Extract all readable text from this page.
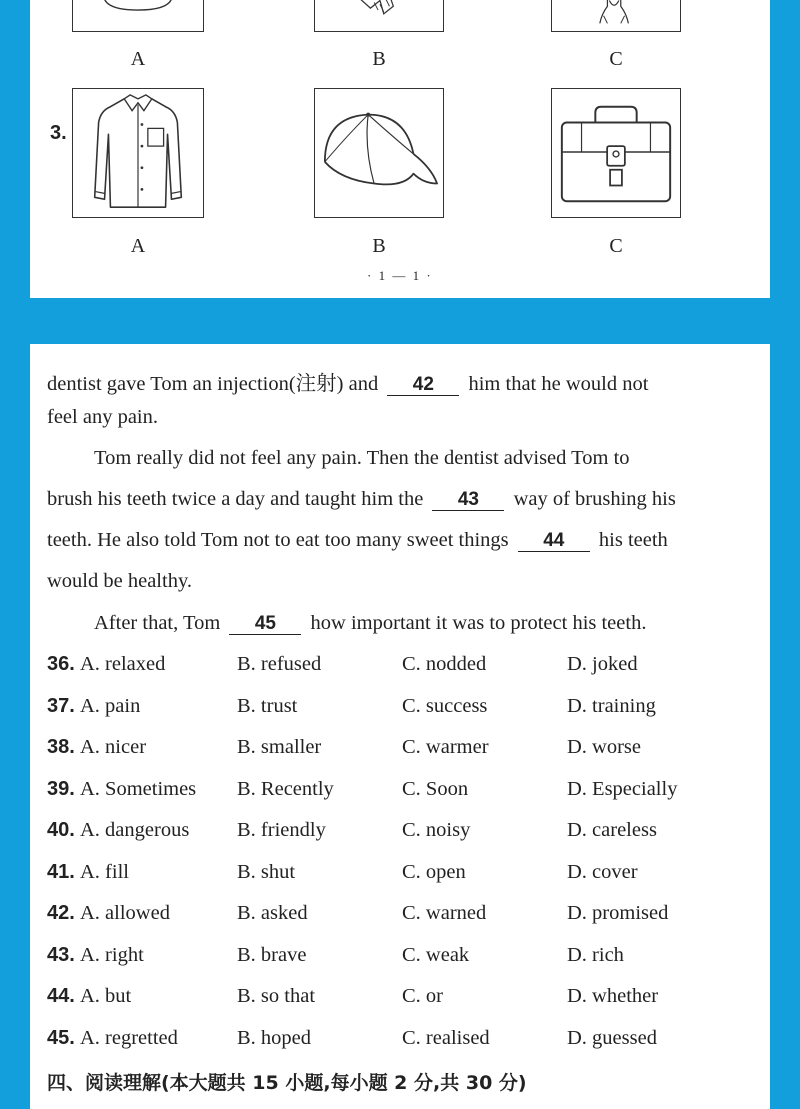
A	B	C
3.
A	B	C
· 1 — 1 ·
dentist gave Tom an injection(注射) and 42 him that he would not
feel any pain.
Tom really did not feel any pain. Then the dentist advised Tom to
brush his teeth twice a day and taught him the 43 way of brushing his
teeth. He also told Tom not to eat too many sweet things 44 his teeth
would be healthy.
After that, Tom 45 how important it was to protect his teeth.
36. A. relaxed	B. refused	C. nodded	D. joked
37. A. pain	B. trust	C. success	D. training
38. A. nicer	B. smaller	C. warmer	D. worse
39. A. Sometimes B. Recently	C. Soon	D. Especially
40. A. dangerous B. friendly	C. noisy	D. careless
41. A. fill	B. shut	C. open	D. cover
42. A. allowed	B. asked	C. warned	D. promised
43. A. right	B. brave	C. weak	D. rich
44. A. but	B. so that	C. or	D. whether
45. A. regretted	B. hoped	C. realised	D. guessed
四、阅读理解(本大题共 15 小题,每小题 2 分,共 30 分)
